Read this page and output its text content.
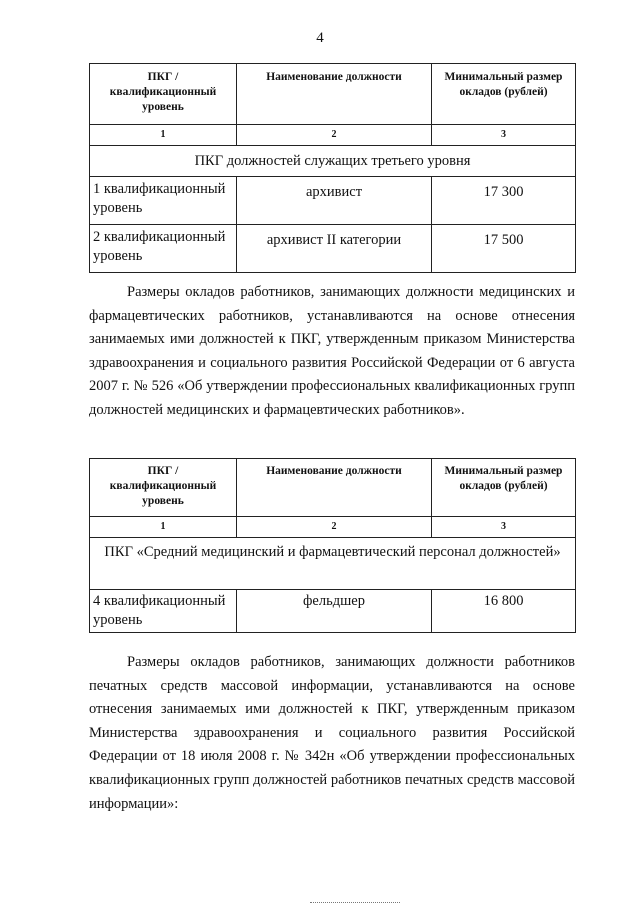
4
ПКГ / квалификационный уровень	Наименование должности	Минимальный размер окладов (рублей)
1	2	3
ПКГ должностей служащих третьего уровня		
1 квалификационный уровень	архивист	17 300
2 квалификационный уровень	архивист II категории	17 500

Размеры окладов работников, занимающих должности медицинских и фармацевтических работников, устанавливаются на основе отнесения занимаемых ими должностей к ПКГ, утвержденным приказом Министерства здравоохранения и социального развития Российской Федерации от 6 августа 2007 г. № 526 «Об утверждении профессиональных квалификационных групп должностей медицинских и фармацевтических работников».

ПКГ / квалификационный уровень	Наименование должности	Минимальный размер окладов (рублей)
1	2	3
ПКГ «Средний медицинский и фармацевтический персонал должностей»		
4 квалификационный уровень	фельдшер	16 800

Размеры окладов работников, занимающих должности работников печатных средств массовой информации, устанавливаются на основе отнесения занимаемых ими должностей к ПКГ, утвержденным приказом Министерства здравоохранения и социального развития Российской Федерации от 18 июля 2008 г. № 342н «Об утверждении профессиональных квалификационных групп должностей работников печатных средств массовой информации»:
